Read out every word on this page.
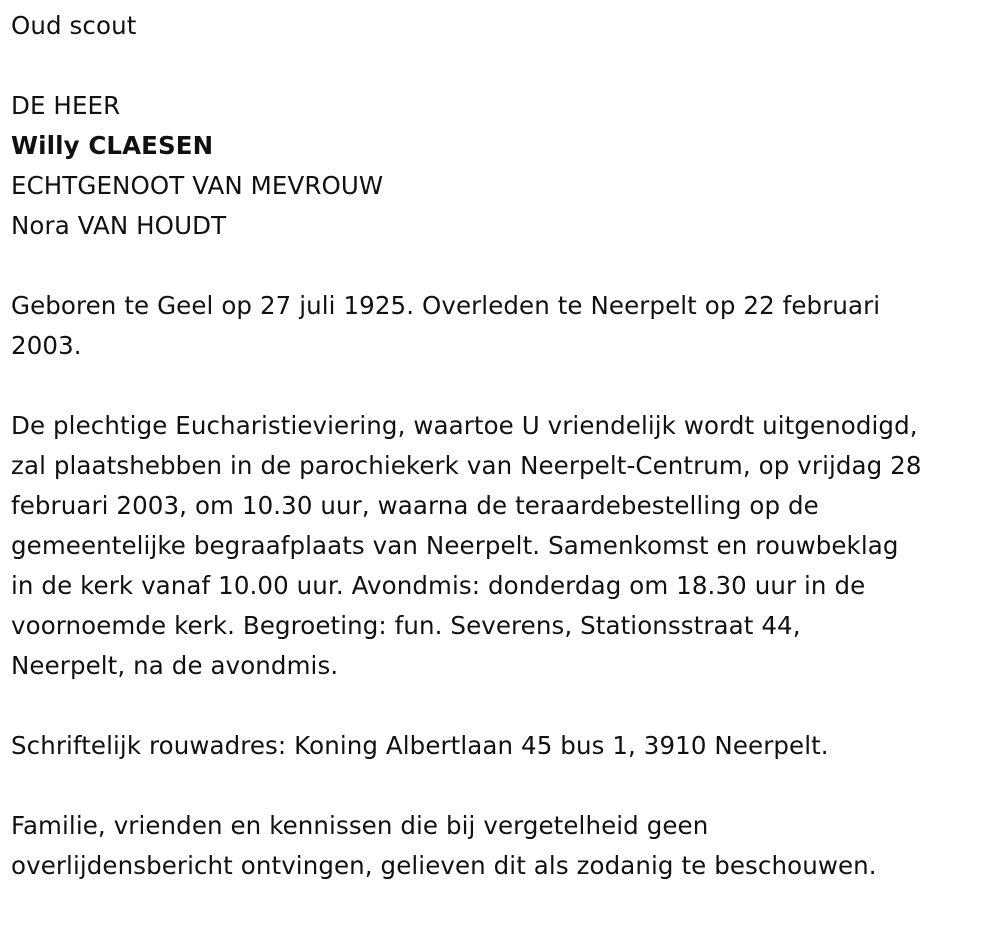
Oud scout
DE HEER
Willy CLAESEN
ECHTGENOOT VAN MEVROUW
Nora VAN HOUDT
Geboren te Geel op 27 juli 1925. Overleden te Neerpelt op 22 februari
2003.
De plechtige Eucharistieviering, waartoe U vriendelijk wordt uitgenodigd,
zal plaatshebben in de parochiekerk van Neerpelt-Centrum, op vrijdag 28
februari 2003, om 10.30 uur, waarna de teraardebestelling op de
gemeentelijke begraafplaats van Neerpelt. Samenkomst en rouwbeklag
in de kerk vanaf 10.00 uur. Avondmis: donderdag om 18.30 uur in de
voornoemde kerk. Begroeting: fun. Severens, Stationsstraat 44,
Neerpelt, na de avondmis.
Schriftelijk rouwadres: Koning Albertlaan 45 bus 1, 3910 Neerpelt.
Familie, vrienden en kennissen die bij vergetelheid geen
overlijdensbericht ontvingen, gelieven dit als zodanig te beschouwen.
